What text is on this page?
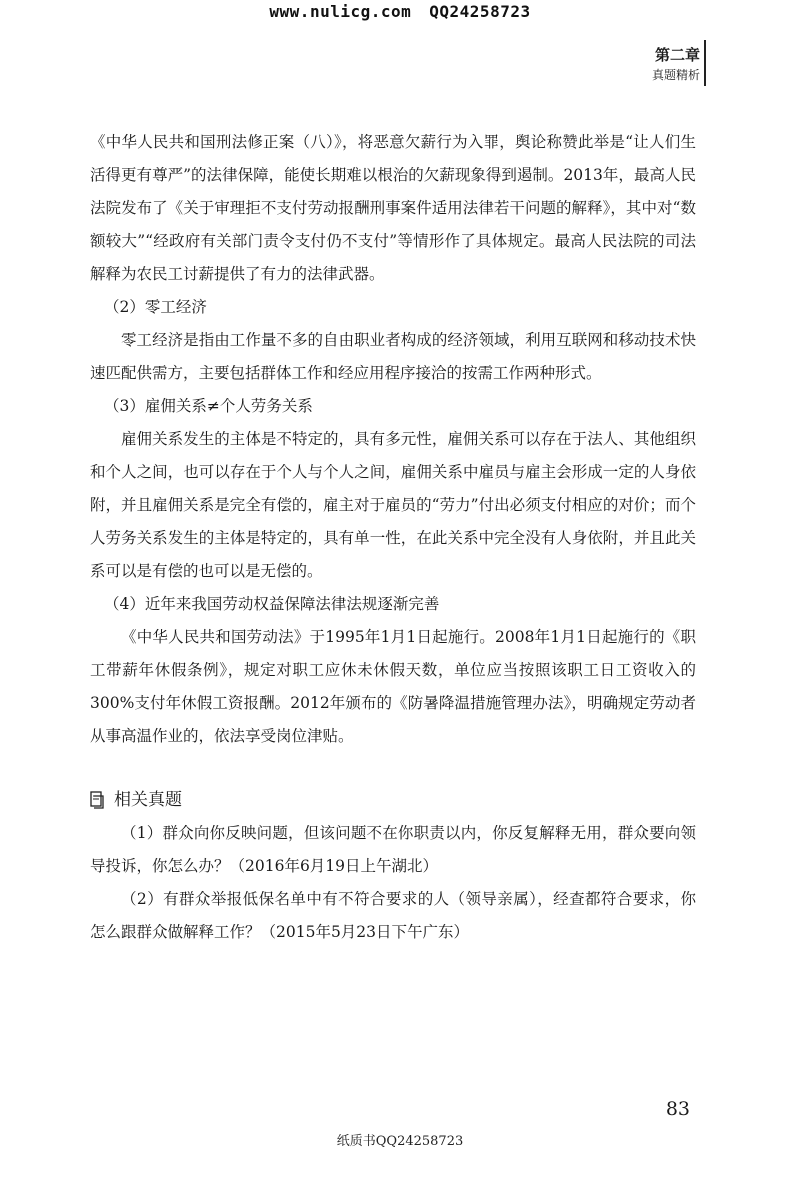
www.nulicg.com QQ24258723
第二章
真题精析

《中华人民共和国刑法修正案（八）》，将恶意欠薪行为入罪，舆论称赞此举是“让人们生活得更有尊严”的法律保障，能使长期难以根治的欠薪现象得到遏制。2013年，最高人民法院发布了《关于审理拒不支付劳动报酬刑事案件适用法律若干问题的解释》，其中对“数额较大”“经政府有关部门责令支付仍不支付”等情形作了具体规定。最高人民法院的司法解释为农民工讨薪提供了有力的法律武器。

（2）零工经济

零工经济是指由工作量不多的自由职业者构成的经济领域，利用互联网和移动技术快速匹配供需方，主要包括群体工作和经应用程序接洽的按需工作两种形式。

（3）雇佣关系≠个人劳务关系

雇佣关系发生的主体是不特定的，具有多元性，雇佣关系可以存在于法人、其他组织和个人之间，也可以存在于个人与个人之间，雇佣关系中雇员与雇主会形成一定的人身依附，并且雇佣关系是完全有偿的，雇主对于雇员的“劳力”付出必须支付相应的对价；而个人劳务关系发生的主体是特定的，具有单一性，在此关系中完全没有人身依附，并且此关系可以是有偿的也可以是无偿的。

（4）近年来我国劳动权益保障法律法规逐渐完善

《中华人民共和国劳动法》于1995年1月1日起施行。2008年1月1日起施行的《职工带薪年休假条例》，规定对职工应休未休假天数，单位应当按照该职工日工资收入的300%支付年休假工资报酬。2012年颁布的《防暑降温措施管理办法》，明确规定劳动者从事高温作业的，依法享受岗位津贴。

相关真题

（1）群众向你反映问题，但该问题不在你职责以内，你反复解释无用，群众要向领导投诉，你怎么办？（2016年6月19日上午湖北）

（2）有群众举报低保名单中有不符合要求的人（领导亲属），经查都符合要求，你怎么跟群众做解释工作？（2015年5月23日下午广东）

83
纸质书QQ24258723
